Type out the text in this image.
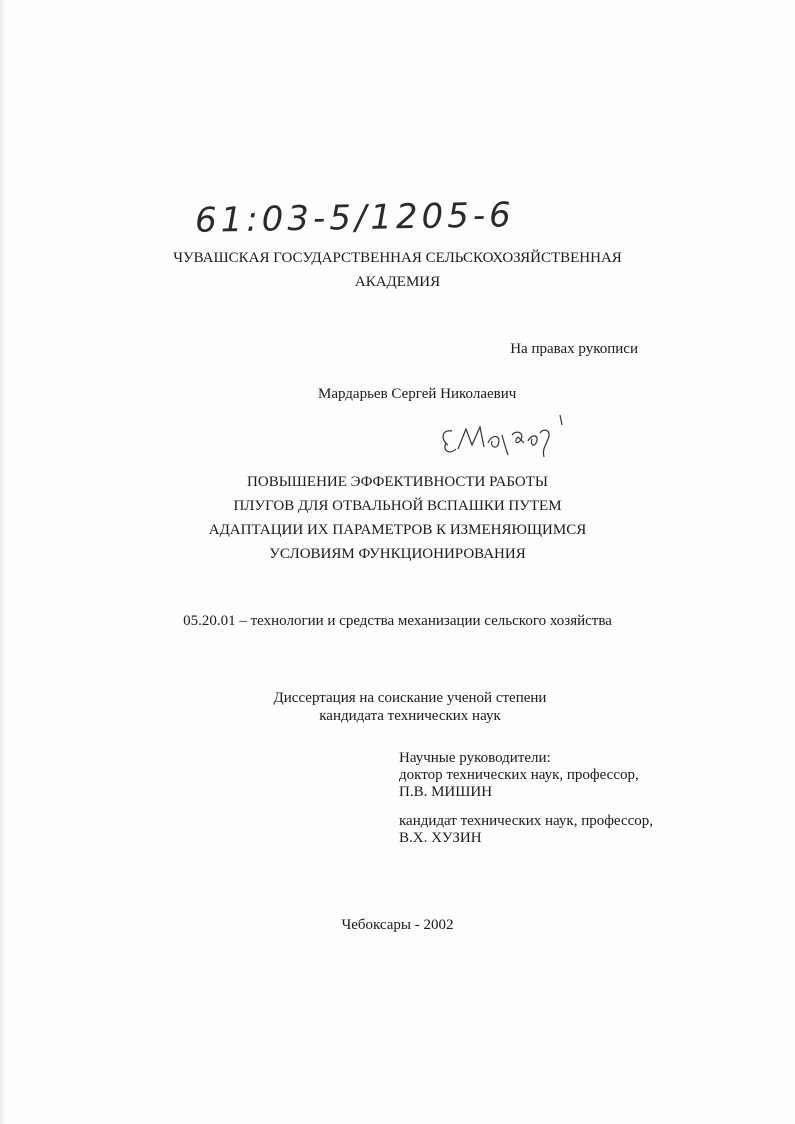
61:03-5/1205-6
ЧУВАШСКАЯ ГОСУДАРСТВЕННАЯ СЕЛЬСКОХОЗЯЙСТВЕННАЯ
АКАДЕМИЯ
На правах рукописи
Мардарьев Сергей Николаевич
ПОВЫШЕНИЕ ЭФФЕКТИВНОСТИ РАБОТЫ
ПЛУГОВ ДЛЯ ОТВАЛЬНОЙ ВСПАШКИ ПУТЕМ
АДАПТАЦИИ ИХ ПАРАМЕТРОВ К ИЗМЕНЯЮЩИМСЯ
УСЛОВИЯМ ФУНКЦИОНИРОВАНИЯ
05.20.01 – технологии и средства механизации сельского хозяйства
Диссертация на соискание ученой степени
кандидата технических наук
Научные руководители:
доктор технических наук, профессор,
П.В. МИШИН
кандидат технических наук, профессор,
В.Х. ХУЗИН
Чебоксары - 2002
